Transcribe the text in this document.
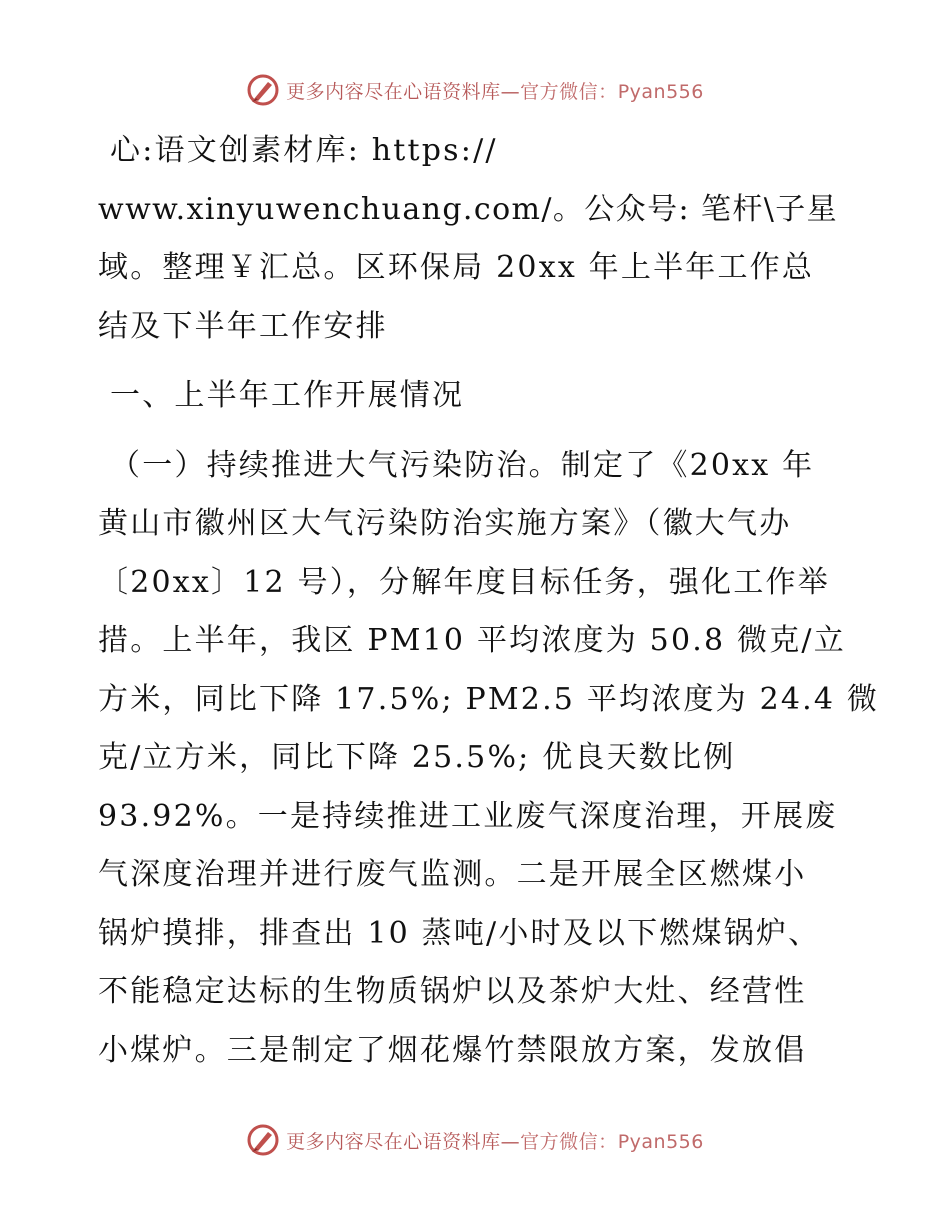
更多内容尽在心语资料库—官方微信：Pyan556
心:语文创素材库: https://
www.xinyuwenchuang.com/。公众号: 笔杆\子星
域。整理￥汇总。区环保局 20xx 年上半年工作总
结及下半年工作安排
一、上半年工作开展情况
（一）持续推进大气污染防治。制定了《20xx 年
黄山市徽州区大气污染防治实施方案》（徽大气办
〔20xx〕12 号），分解年度目标任务，强化工作举
措。上半年，我区 PM10 平均浓度为 50.8 微克/立
方米，同比下降 17.5%; PM2.5 平均浓度为 24.4 微
克/立方米，同比下降 25.5%; 优良天数比例
93.92%。一是持续推进工业废气深度治理，开展废
气深度治理并进行废气监测。二是开展全区燃煤小
锅炉摸排，排查出 10 蒸吨/小时及以下燃煤锅炉、
不能稳定达标的生物质锅炉以及茶炉大灶、经营性
小煤炉。三是制定了烟花爆竹禁限放方案，发放倡
更多内容尽在心语资料库—官方微信：Pyan556
